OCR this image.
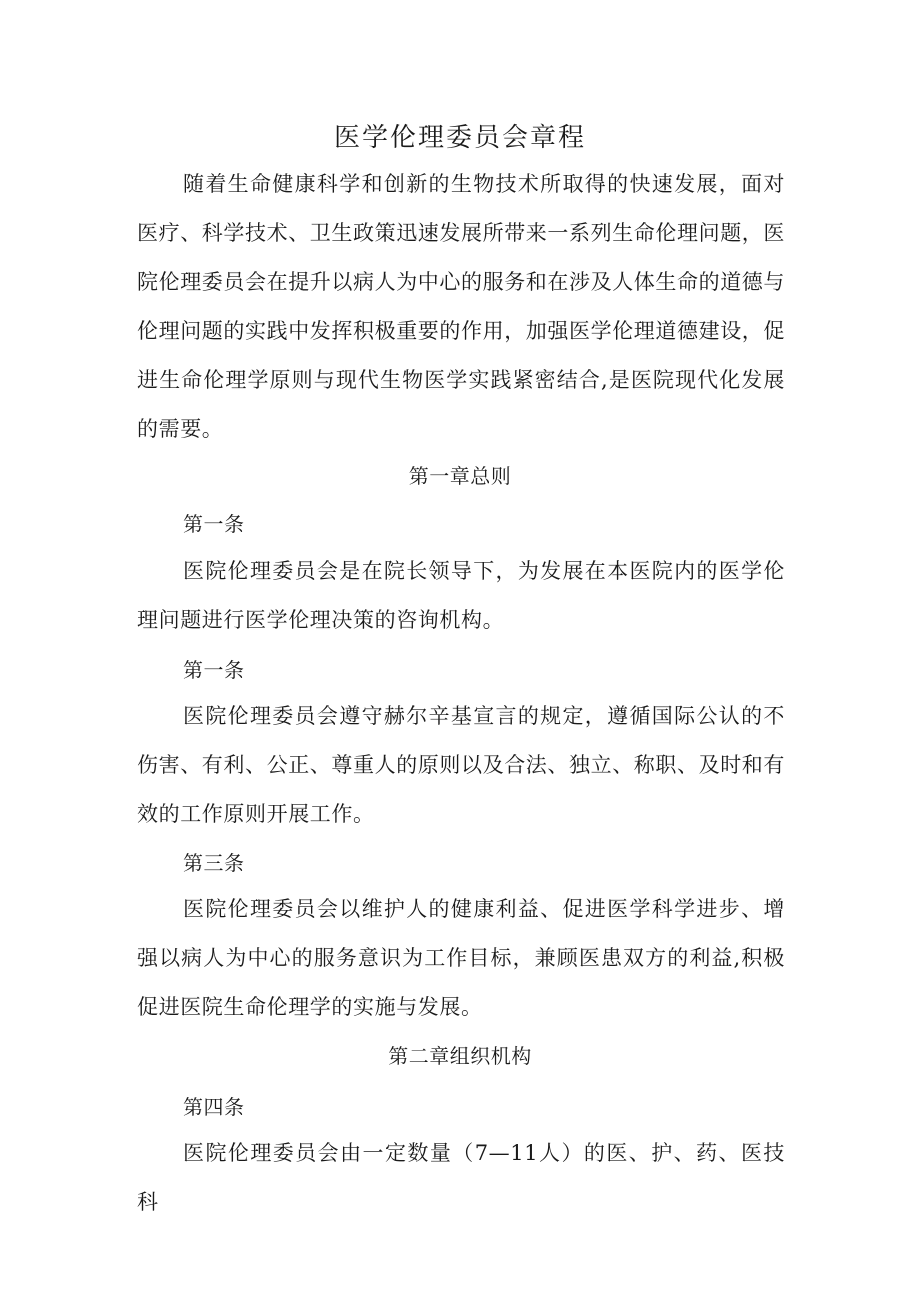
医学伦理委员会章程
随着生命健康科学和创新的生物技术所取得的快速发展，面对医疗、科学技术、卫生政策迅速发展所带来一系列生命伦理问题，医院伦理委员会在提升以病人为中心的服务和在涉及人体生命的道德与伦理问题的实践中发挥积极重要的作用，加强医学伦理道德建设，促进生命伦理学原则与现代生物医学实践紧密结合,是医院现代化发展的需要。
第一章总则
第一条
医院伦理委员会是在院长领导下，为发展在本医院内的医学伦理问题进行医学伦理决策的咨询机构。
第一条
医院伦理委员会遵守赫尔辛基宣言的规定，遵循国际公认的不伤害、有利、公正、尊重人的原则以及合法、独立、称职、及时和有效的工作原则开展工作。
第三条
医院伦理委员会以维护人的健康利益、促进医学科学进步、增强以病人为中心的服务意识为工作目标，兼顾医患双方的利益,积极促进医院生命伦理学的实施与发展。
第二章组织机构
第四条
医院伦理委员会由一定数量（7—11人）的医、护、药、医技科
